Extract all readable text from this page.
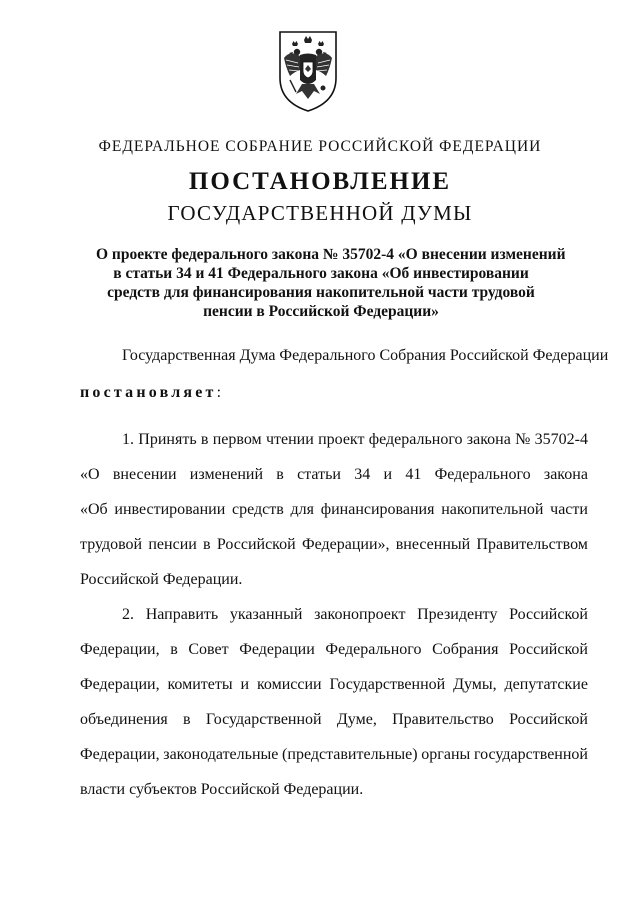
ФЕДЕРАЛЬНОЕ СОБРАНИЕ РОССИЙСКОЙ ФЕДЕРАЦИИ
ПОСТАНОВЛЕНИЕ
ГОСУДАРСТВЕННОЙ ДУМЫ
О проекте федерального закона № 35702-4 «О внесении изменений
в статьи 34 и 41 Федерального закона «Об инвестировании
средств для финансирования накопительной части трудовой
пенсии в Российской Федерации»
Государственная Дума Федерального Собрания Российской Федерации
постановляет:
1. Принять в первом чтении проект федерального закона № 35702-4
«О внесении изменений в статьи 34 и 41 Федерального закона
«Об инвестировании средств для финансирования накопительной части
трудовой пенсии в Российской Федерации», внесенный Правительством
Российской Федерации.
2. Направить указанный законопроект Президенту Российской
Федерации, в Совет Федерации Федерального Собрания Российской
Федерации, комитеты и комиссии Государственной Думы, депутатские
объединения в Государственной Думе, Правительство Российской
Федерации, законодательные (представительные) органы государственной
власти субъектов Российской Федерации.
